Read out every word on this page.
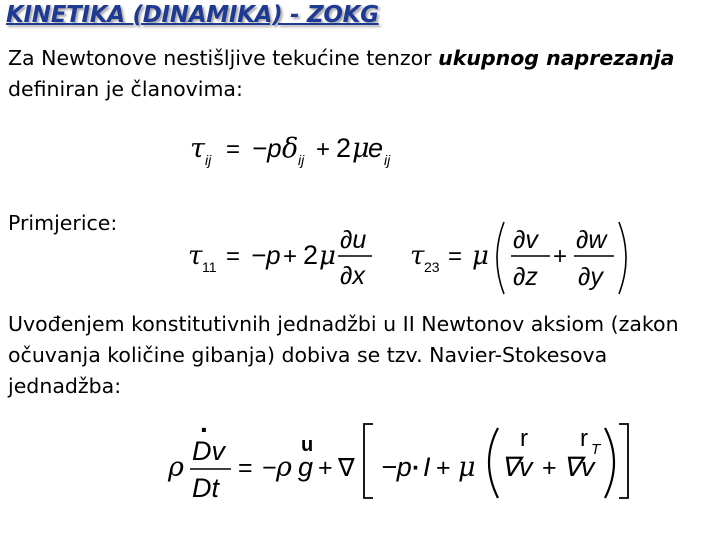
KINETIKA (DINAMIKA) - ZOKG

Za Newtonove nestišljive tekućine tenzor ukupnog naprezanja definiran je članovima:

τ ij = −p δ ij + 2 μ
e ij

Primjerice:

τ 11 = −p + 2 μ
∂u
∂x
τ 23 = μ
∂v
∂z
+
∂w
∂y

Uvođenjem konstitutivnih jednadžbi u II Newtonov aksiom (zakon očuvanja količine gibanja) dobiva se tzv. Navier-Stokesova jednadžba:

ρ
.
Dv
Dt
= − ρ
u
g + ∇ −p · I + μ
r
∇v +
r
∇v
T
